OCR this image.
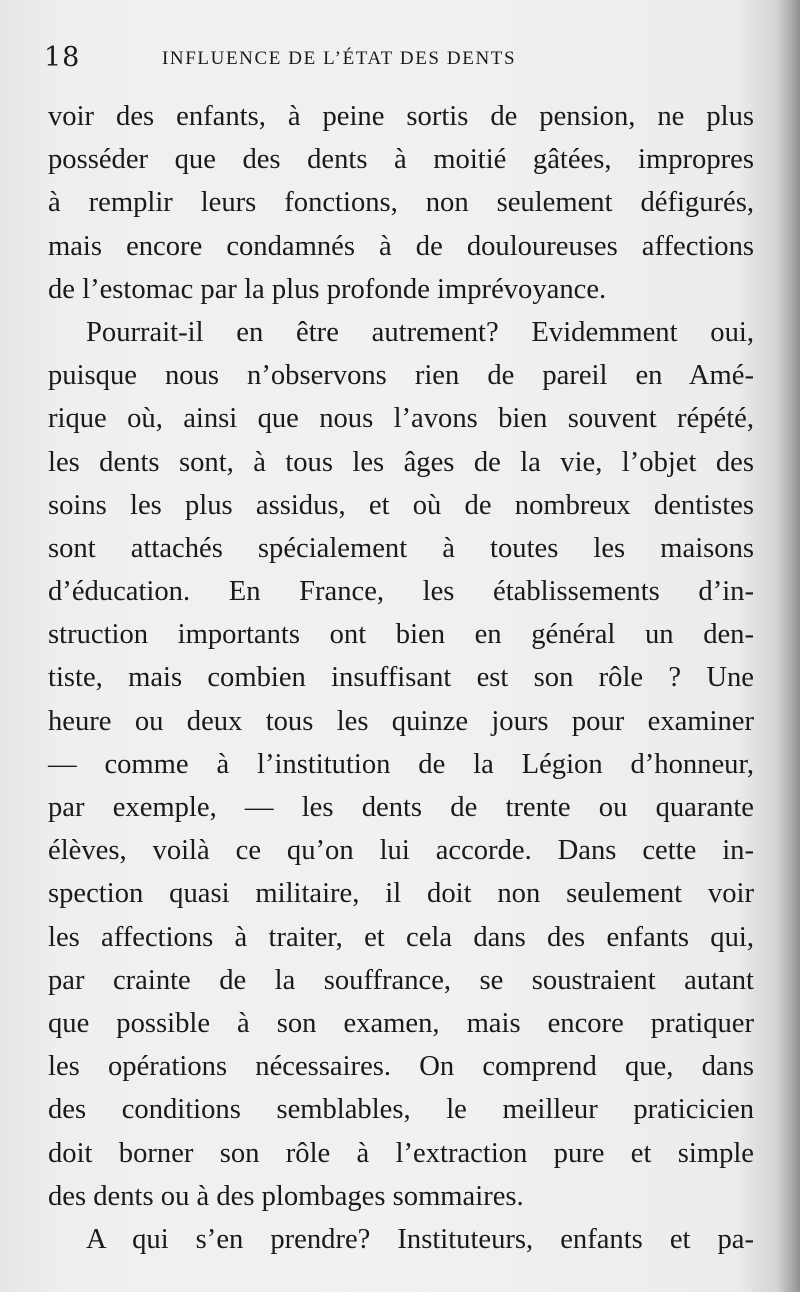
18	INFLUENCE DE L’ÉTAT DES DENTS
voir des enfants, à peine sortis de pension, ne plus
posséder que des dents à moitié gâtées, impropres
à remplir leurs fonctions, non seulement défigurés,
mais encore condamnés à de douloureuses affections
de l’estomac par la plus profonde imprévoyance.
Pourrait-il en être autrement? Evidemment oui,
puisque nous n’observons rien de pareil en Amé-
rique où, ainsi que nous l’avons bien souvent répété,
les dents sont, à tous les âges de la vie, l’objet des
soins les plus assidus, et où de nombreux dentistes
sont attachés spécialement à toutes les maisons
d’éducation. En France, les établissements d’in-
struction importants ont bien en général un den-
tiste, mais combien insuffisant est son rôle ? Une
heure ou deux tous les quinze jours pour examiner
— comme à l’institution de la Légion d’honneur,
par exemple, — les dents de trente ou quarante
élèves, voilà ce qu’on lui accorde. Dans cette in-
spection quasi militaire, il doit non seulement voir
les affections à traiter, et cela dans des enfants qui,
par crainte de la souffrance, se soustraient autant
que possible à son examen, mais encore pratiquer
les opérations nécessaires. On comprend que, dans
des conditions semblables, le meilleur praticicien
doit borner son rôle à l’extraction pure et simple
des dents ou à des plombages sommaires.
A qui s’en prendre? Instituteurs, enfants et pa-
